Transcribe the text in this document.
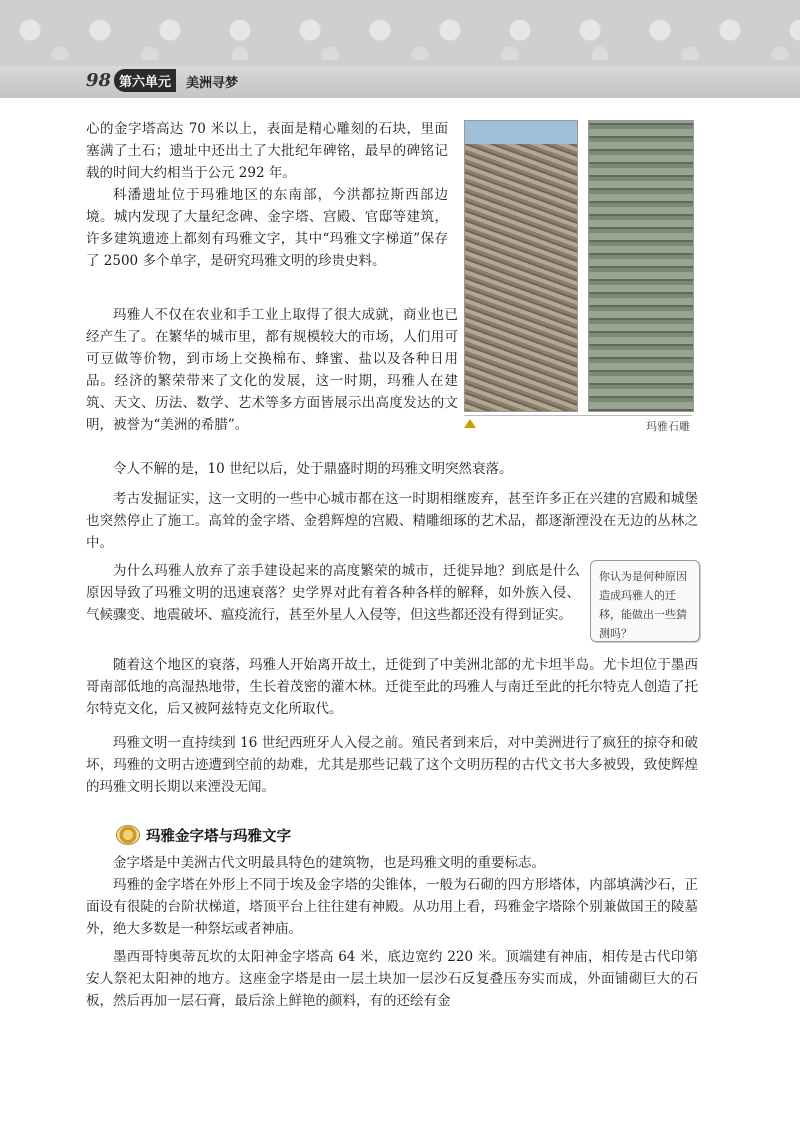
98 第六单元	美洲寻梦

心的金字塔高达 70 米以上，表面是精心雕刻的石块，里面塞满了土石；遗址中还出土了大批纪年碑铭，最早的碑铭记载的时间大约相当于公元 292 年。

科潘遗址位于玛雅地区的东南部，今洪都拉斯西部边境。城内发现了大量纪念碑、金字塔、宫殿、官邸等建筑，许多建筑遗迹上都刻有玛雅文字，其中“玛雅文字梯道”保存了 2500 多个单字，是研究玛雅文明的珍贵史料。

玛雅人不仅在农业和手工业上取得了很大成就，商业也已经产生了。在繁华的城市里，都有规模较大的市场，人们用可可豆做等价物，到市场上交换棉布、蜂蜜、盐以及各种日用品。经济的繁荣带来了文化的发展，这一时期，玛雅人在建筑、天文、历法、数学、艺术等多方面皆展示出高度发达的文明，被誉为“美洲的希腊”。

令人不解的是，10 世纪以后，处于鼎盛时期的玛雅文明突然衰落。

考古发掘证实，这一文明的一些中心城市都在这一时期相继废弃，甚至许多正在兴建的宫殿和城堡也突然停止了施工。高耸的金字塔、金碧辉煌的宫殿、精雕细琢的艺术品，都逐渐湮没在无边的丛林之中。

为什么玛雅人放弃了亲手建设起来的高度繁荣的城市，迁徙异地？到底是什么原因导致了玛雅文明的迅速衰落？史学界对此有着各种各样的解释，如外族入侵、气候骤变、地震破坏、瘟疫流行，甚至外星人入侵等，但这些都还没有得到证实。

玛雅石雕

你认为是何种原因造成玛雅人的迁移，能做出一些猜测吗？

随着这个地区的衰落，玛雅人开始离开故土，迁徙到了中美洲北部的尤卡坦半岛。尤卡坦位于墨西哥南部低地的高湿热地带，生长着茂密的灌木林。迁徙至此的玛雅人与南迁至此的托尔特克人创造了托尔特克文化，后又被阿兹特克文化所取代。

玛雅文明一直持续到 16 世纪西班牙人入侵之前。殖民者到来后，对中美洲进行了疯狂的掠夺和破坏，玛雅的文明古迹遭到空前的劫难，尤其是那些记载了这个文明历程的古代文书大多被毁，致使辉煌的玛雅文明长期以来湮没无闻。

玛雅金字塔与玛雅文字

金字塔是中美洲古代文明最具特色的建筑物，也是玛雅文明的重要标志。

玛雅的金字塔在外形上不同于埃及金字塔的尖锥体，一般为石砌的四方形塔体，内部填满沙石，正面设有很陡的台阶状梯道，塔顶平台上往往建有神殿。从功用上看，玛雅金字塔除个别兼做国王的陵墓外，绝大多数是一种祭坛或者神庙。

墨西哥特奥蒂瓦坎的太阳神金字塔高 64 米，底边宽约 220 米。顶端建有神庙，相传是古代印第安人祭祀太阳神的地方。这座金字塔是由一层土块加一层沙石反复叠压夯实而成，外面铺砌巨大的石板，然后再加一层石膏，最后涂上鲜艳的颜料，有的还绘有金
